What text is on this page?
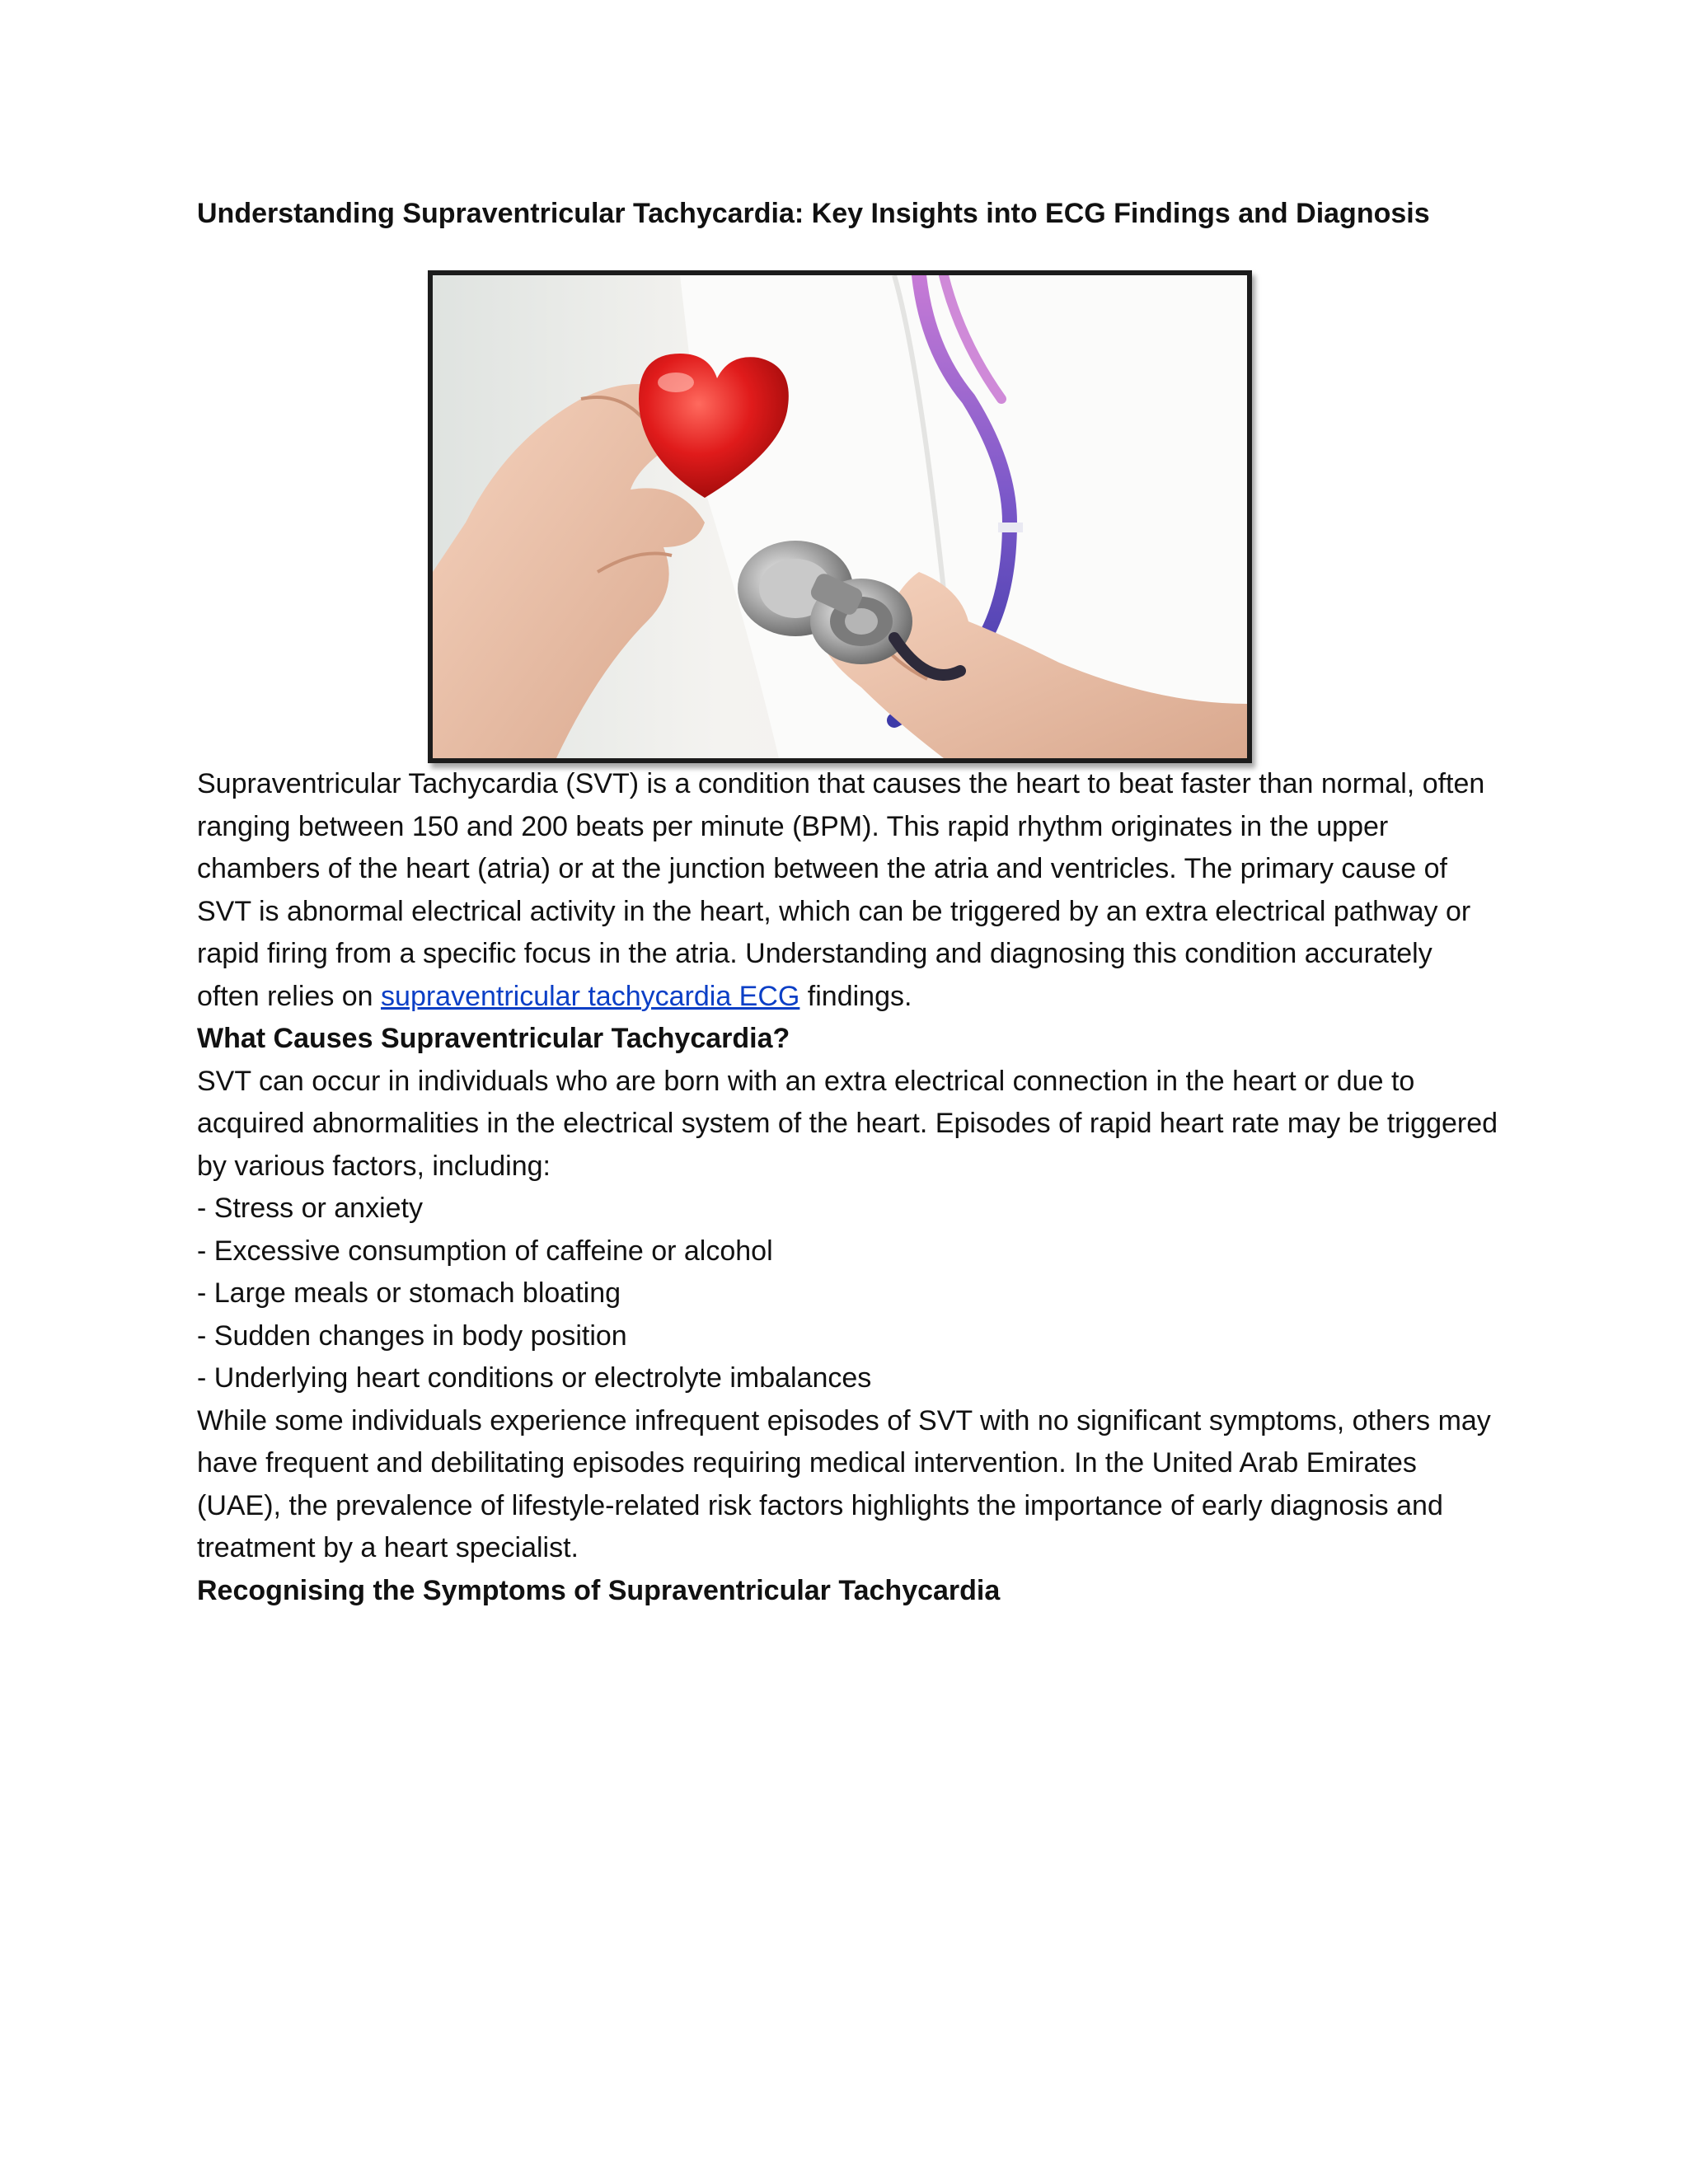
Understanding Supraventricular Tachycardia: Key Insights into ECG Findings and Diagnosis

Supraventricular Tachycardia (SVT) is a condition that causes the heart to beat faster than normal, often ranging between 150 and 200 beats per minute (BPM). This rapid rhythm originates in the upper chambers of the heart (atria) or at the junction between the atria and ventricles. The primary cause of SVT is abnormal electrical activity in the heart, which can be triggered by an extra electrical pathway or rapid firing from a specific focus in the atria. Understanding and diagnosing this condition accurately often relies on supraventricular tachycardia ECG findings.

What Causes Supraventricular Tachycardia?

SVT can occur in individuals who are born with an extra electrical connection in the heart or due to acquired abnormalities in the electrical system of the heart. Episodes of rapid heart rate may be triggered by various factors, including:

- Stress or anxiety

- Excessive consumption of caffeine or alcohol

- Large meals or stomach bloating

- Sudden changes in body position

- Underlying heart conditions or electrolyte imbalances

While some individuals experience infrequent episodes of SVT with no significant symptoms, others may have frequent and debilitating episodes requiring medical intervention. In the United Arab Emirates (UAE), the prevalence of lifestyle-related risk factors highlights the importance of early diagnosis and treatment by a heart specialist.

Recognising the Symptoms of Supraventricular Tachycardia
